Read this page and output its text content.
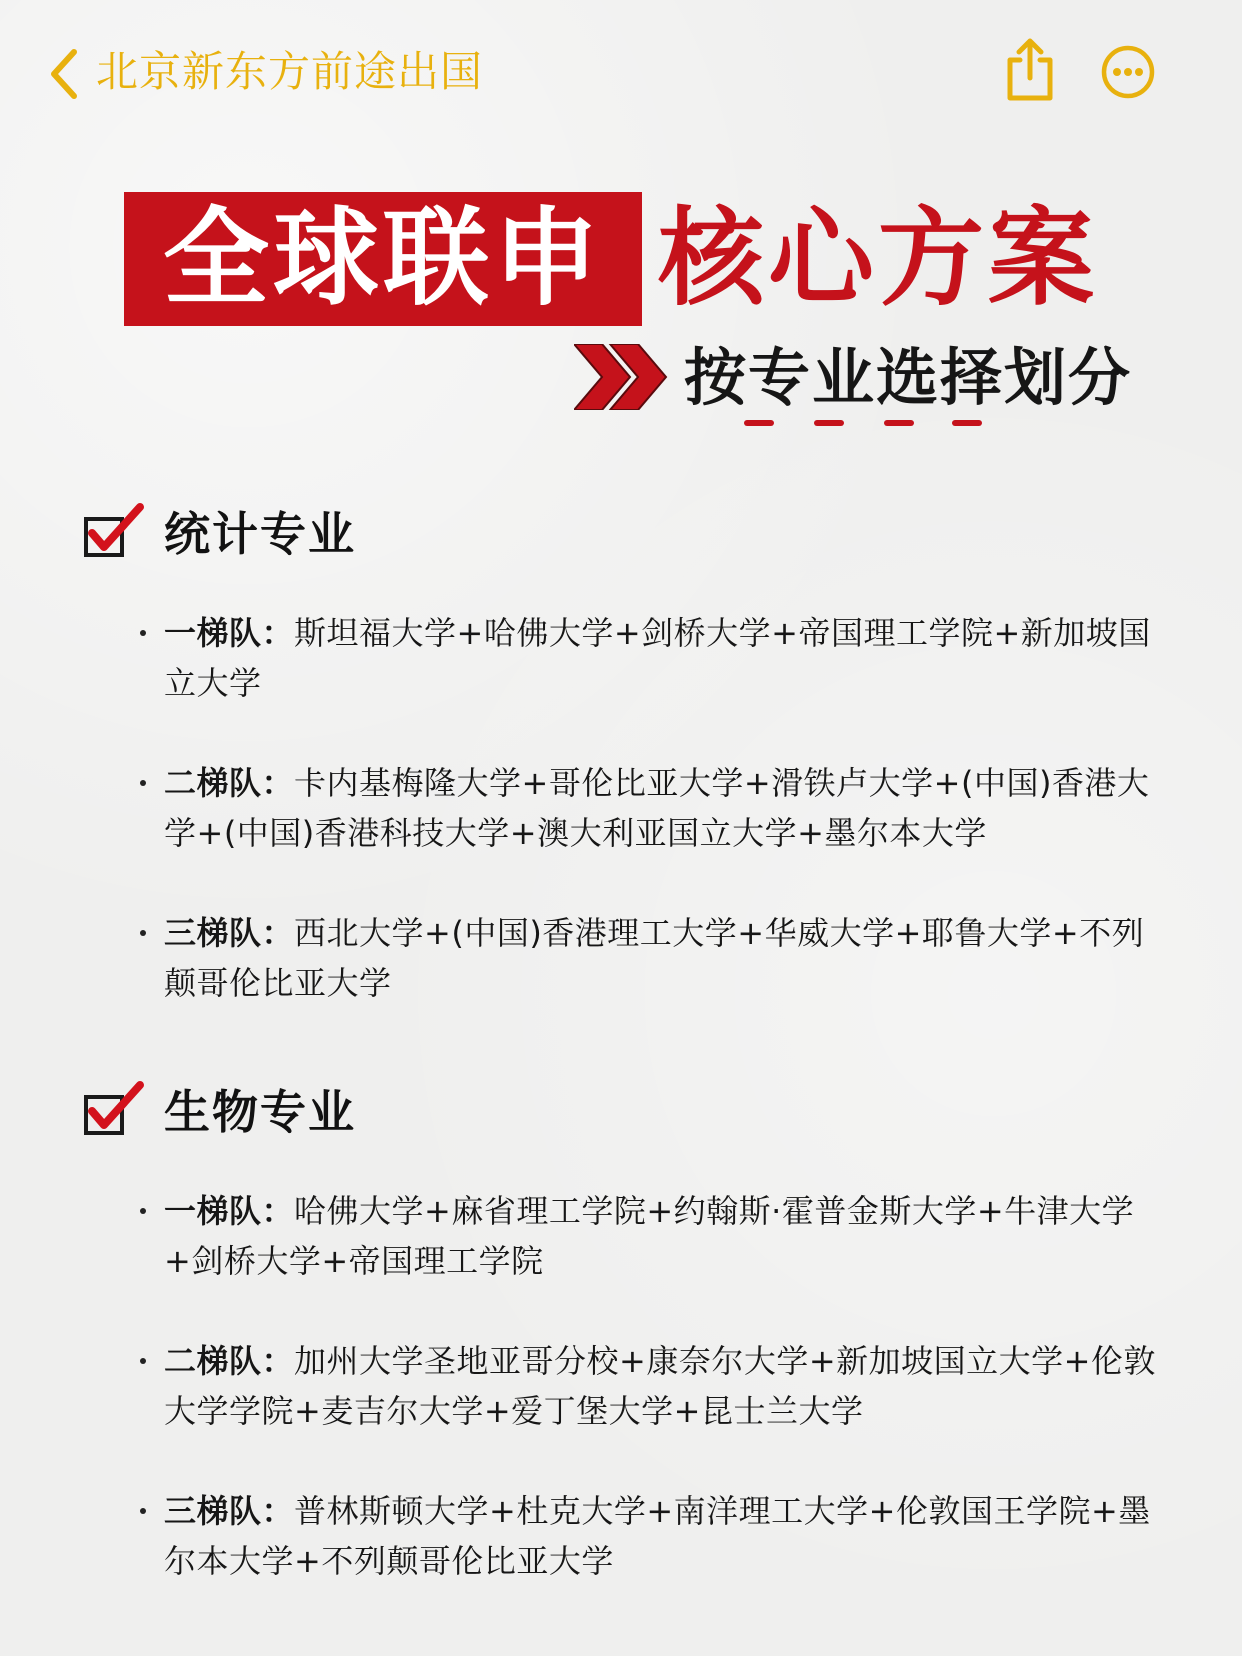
北京新东方前途出国
全球联申 核心方案
按专业选择划分
统计专业
一梯队：斯坦福大学+哈佛大学+剑桥大学+帝国理工学院+新加坡国立大学
二梯队：卡内基梅隆大学+哥伦比亚大学+滑铁卢大学+(中国)香港大学+(中国)香港科技大学+澳大利亚国立大学+墨尔本大学
三梯队：西北大学+(中国)香港理工大学+华威大学+耶鲁大学+不列颠哥伦比亚大学
生物专业
一梯队：哈佛大学+麻省理工学院+约翰斯·霍普金斯大学+牛津大学+剑桥大学+帝国理工学院
二梯队：加州大学圣地亚哥分校+康奈尔大学+新加坡国立大学+伦敦大学学院+麦吉尔大学+爱丁堡大学+昆士兰大学
三梯队：普林斯顿大学+杜克大学+南洋理工大学+伦敦国王学院+墨尔本大学+不列颠哥伦比亚大学
